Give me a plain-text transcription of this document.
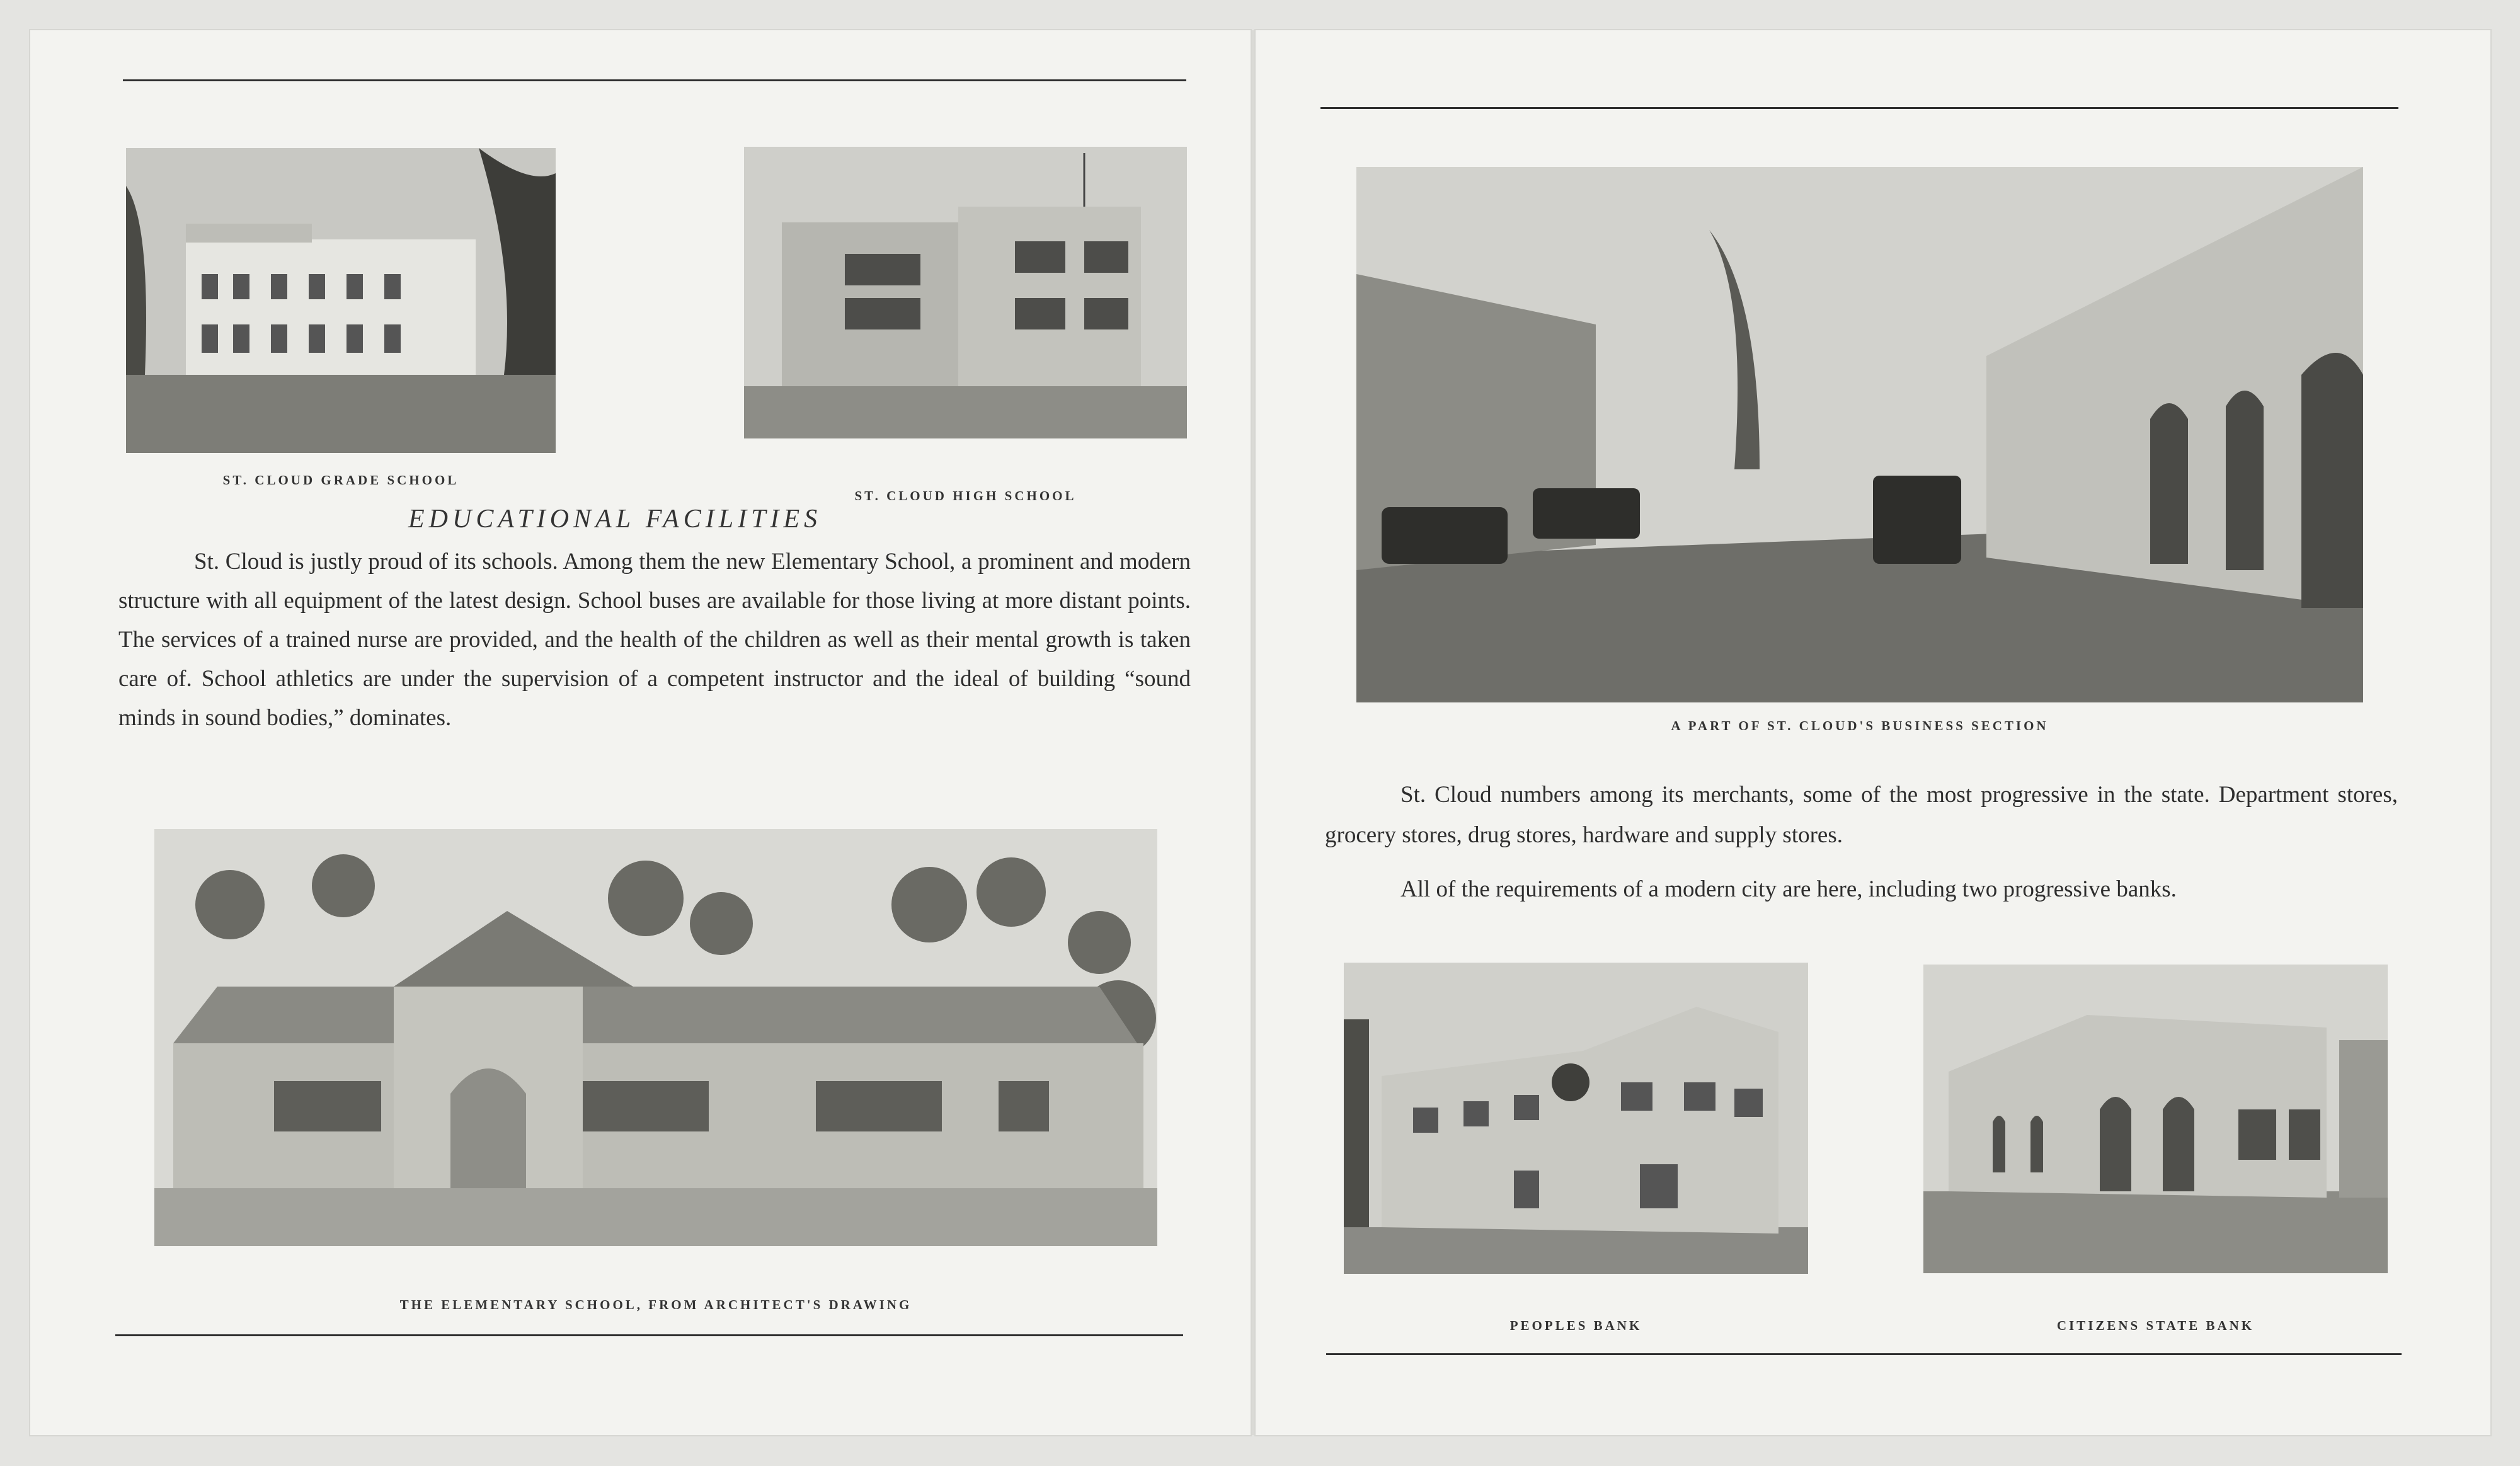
ST. CLOUD GRADE SCHOOL
ST. CLOUD HIGH SCHOOL
EDUCATIONAL FACILITIES

St. Cloud is justly proud of its schools. Among them the new Elementary School, a prominent and modern structure with all equipment of the latest design. School buses are available for those living at more distant points. The services of a trained nurse are provided, and the health of the children as well as their mental growth is taken care of. School athletics are under the supervision of a competent instructor and the ideal of building “sound minds in sound bodies,” dominates.

THE ELEMENTARY SCHOOL, FROM ARCHITECT'S DRAWING
A PART OF ST. CLOUD'S BUSINESS SECTION

St. Cloud numbers among its merchants, some of the most progressive in the state. Department stores, grocery stores, drug stores, hardware and supply stores.

All of the requirements of a modern city are here, including two progressive banks.

PEOPLES BANK	CITIZENS STATE BANK
